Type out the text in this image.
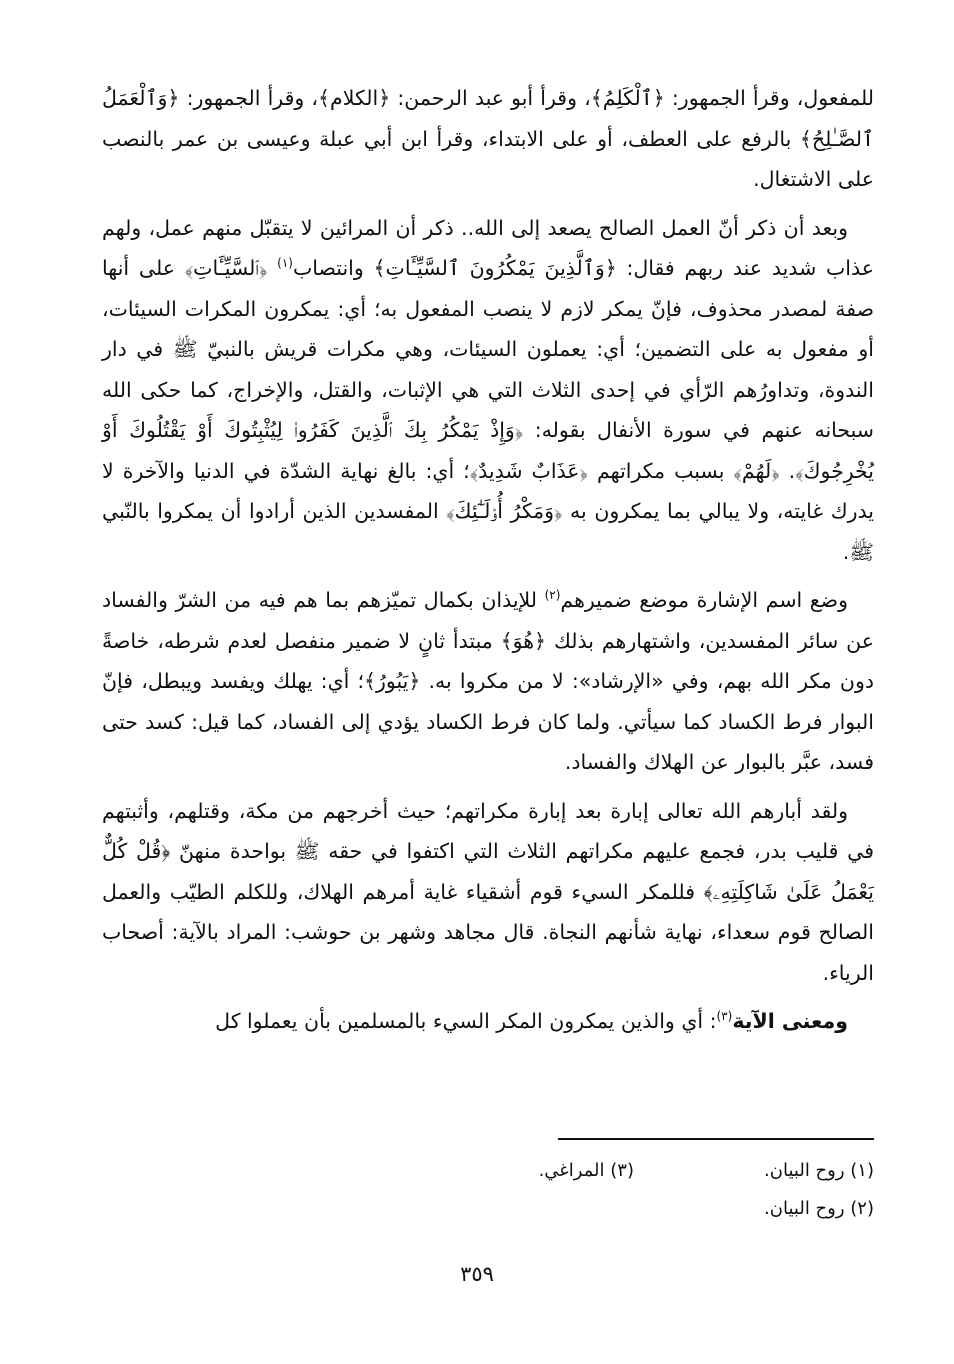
للمفعول، وقرأ الجمهور: ﴿ٱلْكَلِمُ﴾، وقرأ أبو عبد الرحمن: ﴿الكلام﴾، وقرأ الجمهور: ﴿وَٱلْعَمَلُ ٱلصَّـٰلِحُ﴾ بالرفع على العطف، أو على الابتداء، وقرأ ابن أبي عبلة وعيسى بن عمر بالنصب على الاشتغال.

وبعد أن ذكر أنّ العمل الصالح يصعد إلى الله.. ذكر أن المرائين لا يتقبّل منهم عمل، ولهم عذاب شديد عند ربهم فقال: ﴿وَٱلَّذِينَ يَمْكُرُونَ ٱلسَّيِّـَٔاتِ﴾ وانتصاب$^{(١)}$ ﴿ٱلسَّيِّـَٔاتِ﴾ على أنها صفة لمصدر محذوف، فإنّ يمكر لازم لا ينصب المفعول به؛ أي: يمكرون المكرات السيئات، أو مفعول به على التضمين؛ أي: يعملون السيئات، وهي مكرات قريش بالنبيّ ﷺ في دار الندوة، وتداورُهم الرّأي في إحدى الثلاث التي هي الإثبات، والقتل، والإخراج، كما حكى الله سبحانه عنهم في سورة الأنفال بقوله: ﴿وَإِذْ يَمْكُرُ بِكَ ٱلَّذِينَ كَفَرُوا۟ لِيُثْبِتُوكَ أَوْ يَقْتُلُوكَ أَوْ يُخْرِجُوكَ﴾. ﴿لَهُمْ﴾ بسبب مكراتهم ﴿عَذَابٌ شَدِيدٌ﴾؛ أي: بالغ نهاية الشدّة في الدنيا والآخرة لا يدرك غايته، ولا يبالي بما يمكرون به ﴿وَمَكْرُ أُو۟لَـٰٓئِكَ﴾ المفسدين الذين أرادوا أن يمكروا بالنّبي ﷺ.

وضع اسم الإشارة موضع ضميرهم$^{(٢)}$ للإيذان بكمال تميّزهم بما هم فيه من الشرّ والفساد عن سائر المفسدين، واشتهارهم بذلك ﴿هُوَ﴾ مبتدأ ثانٍ لا ضمير منفصل لعدم شرطه، خاصةً دون مكر الله بهم، وفي «الإرشاد»: لا من مكروا به. ﴿يَبُورُ﴾؛ أي: يهلك ويفسد ويبطل، فإنّ البوار فرط الكساد كما سيأتي. ولما كان فرط الكساد يؤدي إلى الفساد، كما قيل: كسد حتى فسد، عبَّر بالبوار عن الهلاك والفساد.

ولقد أبارهم الله تعالى إبارة بعد إبارة مكراتهم؛ حيث أخرجهم من مكة، وقتلهم، وأثبتهم في قليب بدر، فجمع عليهم مكراتهم الثلاث التي اكتفوا في حقه ﷺ بواحدة منهنّ ﴿قُلْ كُلٌّ يَعْمَلُ عَلَىٰ شَاكِلَتِهِۦ﴾ فللمكر السيء قوم أشقياء غاية أمرهم الهلاك، وللكلم الطيّب والعمل الصالح قوم سعداء، نهاية شأنهم النجاة. قال مجاهد وشهر بن حوشب: المراد بالآية: أصحاب الرياء.

ومعنى الآية$^{(٣)}$: أي والذين يمكرون المكر السيء بالمسلمين بأن يعملوا كل

(١) روح البيان.
(٣) المراغي.
(٢) روح البيان.
٣٥٩
